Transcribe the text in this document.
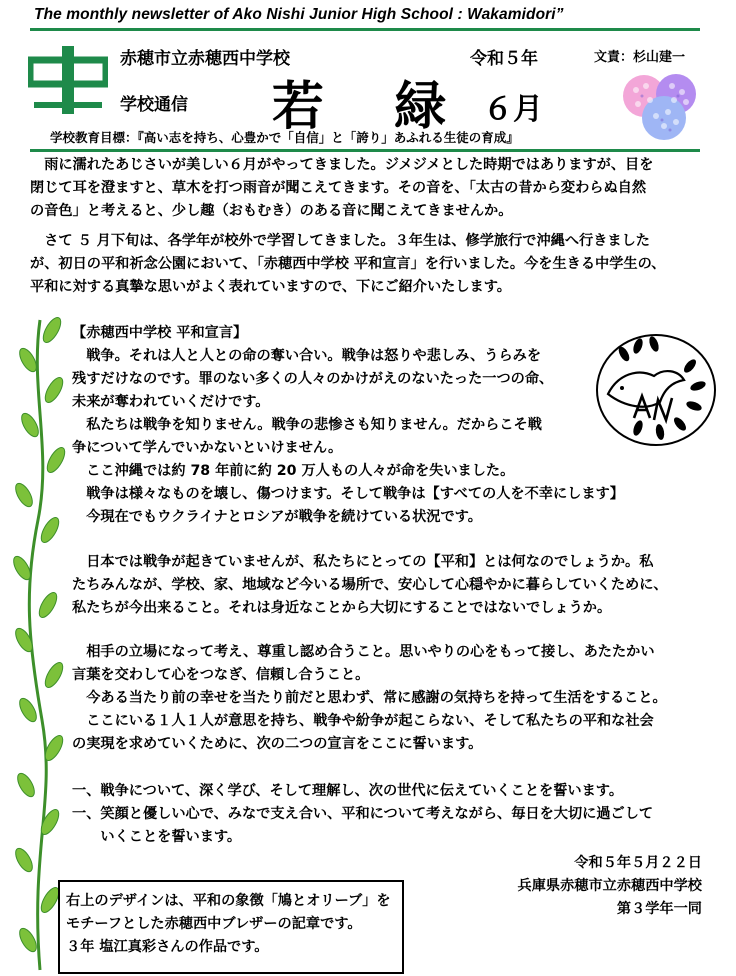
The monthly newsletter of Ako Nishi Junior High School : Wakamidori”
赤穂市立赤穂西中学校	令和５年	文責：杉山建一
学校通信 若 緑 ６月
学校教育目標：『高い志を持ち、心豊かで「自信」と「誇り」あふれる生徒の育成』
　雨に濡れたあじさいが美しい６月がやってきました。ジメジメとした時期ではありますが、目を
閉じて耳を澄ますと、草木を打つ雨音が聞こえてきます。その音を、「太古の昔から変わらぬ自然
の音色」と考えると、少し趣（おもむき）のある音に聞こえてきませんか。
　さて ５ 月下旬は、各学年が校外で学習してきました。３年生は、修学旅行で沖縄へ行きました
が、初日の平和祈念公園において、「赤穂西中学校 平和宣言」を行いました。今を生きる中学生の、
平和に対する真摯な思いがよく表れていますので、下にご紹介いたします。
【赤穂西中学校 平和宣言】
　戦争。それは人と人との命の奪い合い。戦争は怒りや悲しみ、うらみを
残すだけなのです。罪のない多くの人々のかけがえのないたった一つの命、
未来が奪われていくだけです。
　私たちは戦争を知りません。戦争の悲惨さも知りません。だからこそ戦
争について学んでいかないといけません。
　ここ沖縄では約 78 年前に約 20 万人もの人々が命を失いました。
　戦争は様々なものを壊し、傷つけます。そして戦争は【すべての人を不幸にします】
　今現在でもウクライナとロシアが戦争を続けている状況です。
　日本では戦争が起きていませんが、私たちにとっての【平和】とは何なのでしょうか。私
たちみんなが、学校、家、地域など今いる場所で、安心して心穏やかに暮らしていくために、
私たちが今出来ること。それは身近なことから大切にすることではないでしょうか。
　相手の立場になって考え、尊重し認め合うこと。思いやりの心をもって接し、あたたかい
言葉を交わして心をつなぎ、信頼し合うこと。
　今ある当たり前の幸せを当たり前だと思わず、常に感謝の気持ちを持って生活をすること。
　ここにいる１人１人が意思を持ち、戦争や紛争が起こらない、そして私たちの平和な社会
の実現を求めていくために、次の二つの宣言をここに誓います。
一、戦争について、深く学び、そして理解し、次の世代に伝えていくことを誓います。
一、笑顔と優しい心で、みなで支え合い、平和について考えながら、毎日を大切に過ごして
　　いくことを誓います。
令和５年５月２２日
兵庫県赤穂市立赤穂西中学校
第３学年一同
右上のデザインは、平和の象徴「鳩とオリーブ」を
モチーフとした赤穂西中ブレザーの記章です。
３年 塩江真彩さんの作品です。
